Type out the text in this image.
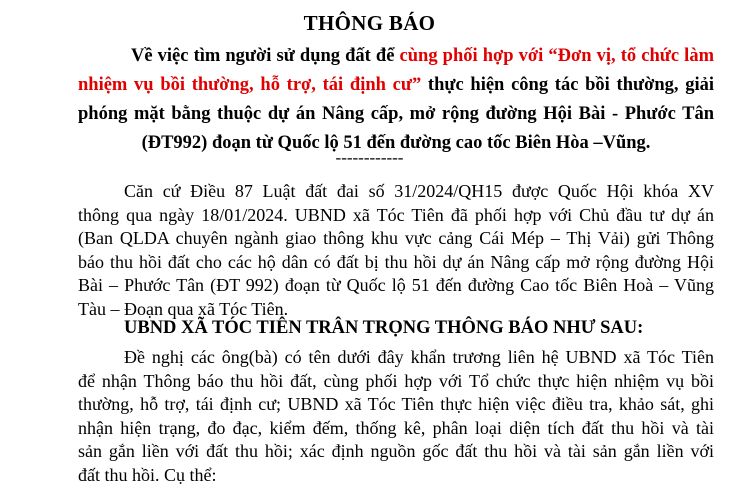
THÔNG BÁO
Về việc tìm người sử dụng đất để cùng phối hợp với “Đơn vị, tổ chức làm
nhiệm vụ bồi thường, hỗ trợ, tái định cư” thực hiện công tác bồi thường, giải
phóng mặt bằng thuộc dự án Nâng cấp, mở rộng đường Hội Bài - Phước Tân
(ĐT992) đoạn từ Quốc lộ 51 đến đường cao tốc Biên Hòa –Vũng.
------------
Căn cứ Điều 87 Luật đất đai số 31/2024/QH15 được Quốc Hội khóa XV
thông qua ngày 18/01/2024. UBND xã Tóc Tiên đã phối hợp với Chủ đầu tư dự án
(Ban QLDA chuyên ngành giao thông khu vực cảng Cái Mép – Thị Vải) gửi Thông
báo thu hồi đất cho các hộ dân có đất bị thu hồi dự án Nâng cấp mở rộng đường Hội
Bài – Phước Tân (ĐT 992) đoạn từ Quốc lộ 51 đến đường Cao tốc Biên Hoà – Vũng
Tàu – Đoạn qua xã Tóc Tiên.
UBND XÃ TÓC TIÊN TRÂN TRỌNG THÔNG BÁO NHƯ SAU:
Đề nghị các ông(bà) có tên dưới đây khẩn trương liên hệ UBND xã Tóc Tiên
để nhận Thông báo thu hồi đất, cùng phối hợp với Tổ chức thực hiện nhiệm vụ bồi
thường, hỗ trợ, tái định cư; UBND xã Tóc Tiên thực hiện việc điều tra, khảo sát, ghi
nhận hiện trạng, đo đạc, kiểm đếm, thống kê, phân loại diện tích đất thu hồi và tài
sản gắn liền với đất thu hồi; xác định nguồn gốc đất thu hồi và tài sản gắn liền với
đất thu hồi. Cụ thể:
